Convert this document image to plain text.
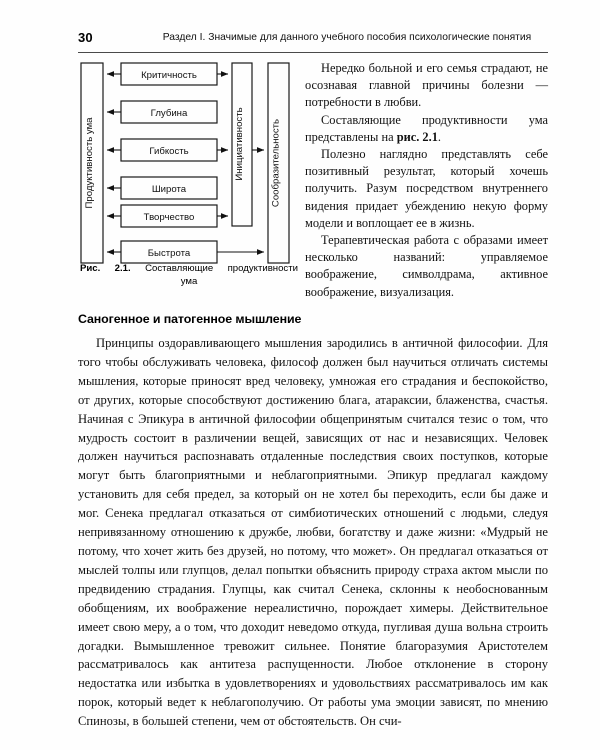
30	Раздел I. Значимые для данного учебного пособия психологические понятия
Продуктивность ума	Инициативность	Сообразительность
Критичность
Глубина
Гибкость
Широта
Творчество
Быстрота
Рис. 2.1. Составляющие продуктивности
ума

Нередко больной и его семья страдают, не осознавая главной причины болезни — потребности в любви.

Составляющие продуктивности ума представлены на рис. 2.1.

Полезно наглядно представлять себе позитивный результат, который хочешь получить. Разум посредством внутреннего видения придает убеждению некую форму модели и воплощает ее в жизнь.

Терапевтическая работа с образами имеет несколько названий: управляемое воображение, символдрама, активное воображение, визуализация.

Саногенное и патогенное мышление

Принципы оздоравливающего мышления зародились в античной философии. Для того чтобы обслуживать человека, философ должен был научиться отличать системы мышления, которые приносят вред человеку, умножая его страдания и беспокойство, от других, которые способствуют достижению блага, атараксии, блаженства, счастья. Начиная с Эпикура в античной философии общепринятым считался тезис о том, что мудрость состоит в различении вещей, зависящих от нас и независящих. Человек должен научиться распознавать отдаленные последствия своих поступков, которые могут быть благоприятными и неблагоприятными. Эпикур предлагал каждому установить для себя предел, за который он не хотел бы переходить, если бы даже и мог. Сенека предлагал отказаться от симбиотических отношений с людьми, следуя непривязанному отношению к дружбе, любви, богатству и даже жизни: «Мудрый не потому, что хочет жить без друзей, но потому, что может». Он предлагал отказаться от мыслей толпы или глупцов, делал попытки объяснить природу страха актом мысли по предвидению страдания. Глупцы, как считал Сенека, склонны к необоснованным обобщениям, их воображение нереалистично, порождает химеры. Действительное имеет свою меру, а о том, что доходит неведомо откуда, пугливая душа вольна строить догадки. Вымышленное тревожит сильнее. Понятие благоразумия Аристотелем рассматривалось как антитеза распущенности. Любое отклонение в сторону недостатка или избытка в удовлетворениях и удовольствиях рассматривалось им как порок, который ведет к неблагополучию. От работы ума эмоции зависят, по мнению Спинозы, в большей степени, чем от обстоятельств. Он счи-
